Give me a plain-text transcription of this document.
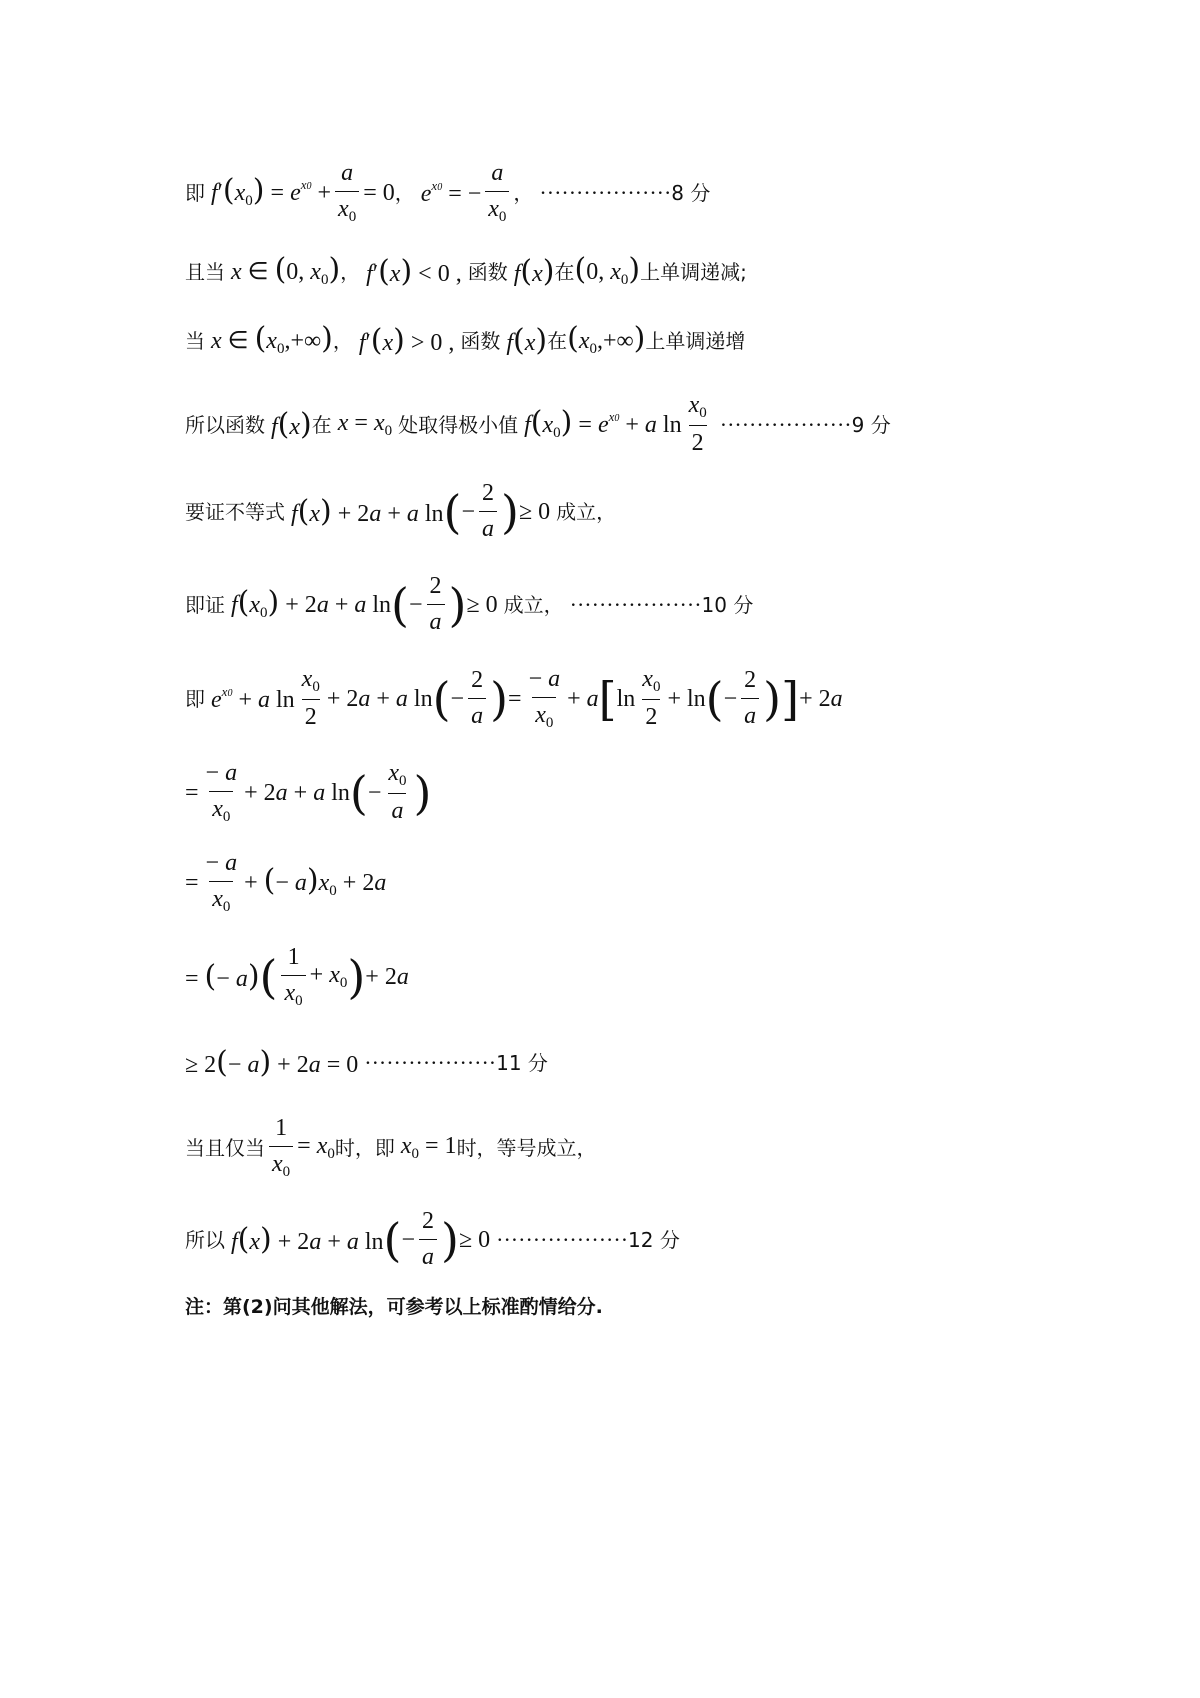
即 $f'(x_0) = e^{x0} + \frac{a}{x_0} = 0$ ， $e^{x0}$ = − $\frac{a}{x_0}$ ， ·················· 8 分
且当 x ∈ (0, $x_0$) ， f′(x) < 0 , 函数 f(x) 在 (0, $x_0$) 上单调递减;
当 x ∈ $(x_0,+\infty)$ ， f′(x) > 0 , 函数 f(x) 在 $(x_0,+\infty)$ 上单调递增
所以函数 f(x) 在 $x = x_0$ 处取得极小值 $f(x_0) = e^{x0} + a$ $\ln \frac{x_0}{2}$ ·················· 9 分
要证不等式 f(x) + 2a + a ln ( − $\frac{2}{a}$ ) ≥ 0 成立，
即证 $f(x_0) + 2a + a$ ln ( − $\frac{2}{a}$ ) ≥ 0 成立， ·················· 10 分
即 $e^{x0} + a$ $\ln \frac{x_0}{2} + 2a + a$ ln ( − $\frac{2}{a}$ ) = $\frac{- a}{x_0} + a$ [ $\ln \frac{x_0}{2} + \ln$ ( − $\frac{2}{a}$ ) ] + 2a
= $\frac{- a}{x_0} + 2a + a$ ln ( − $\frac{x_0}{a}$ )
= $\frac{- a}{x_0}$ + (− $a)x_0 + 2a$
= (− a) ( $\frac{1}{x_0} + x_0$ ) + 2a
≥ 2(− a) + 2a = 0 ·················· 11 分
当且仅当 $\frac{1}{x_0} = x_0$ 时，即 $x_0 = 1$ 时，等号成立，
所以 f(x) + 2a + a ln ( − $\frac{2}{a}$ ) ≥ 0 ·················· 12 分
注：第(2)问其他解法，可参考以上标准酌情给分.
